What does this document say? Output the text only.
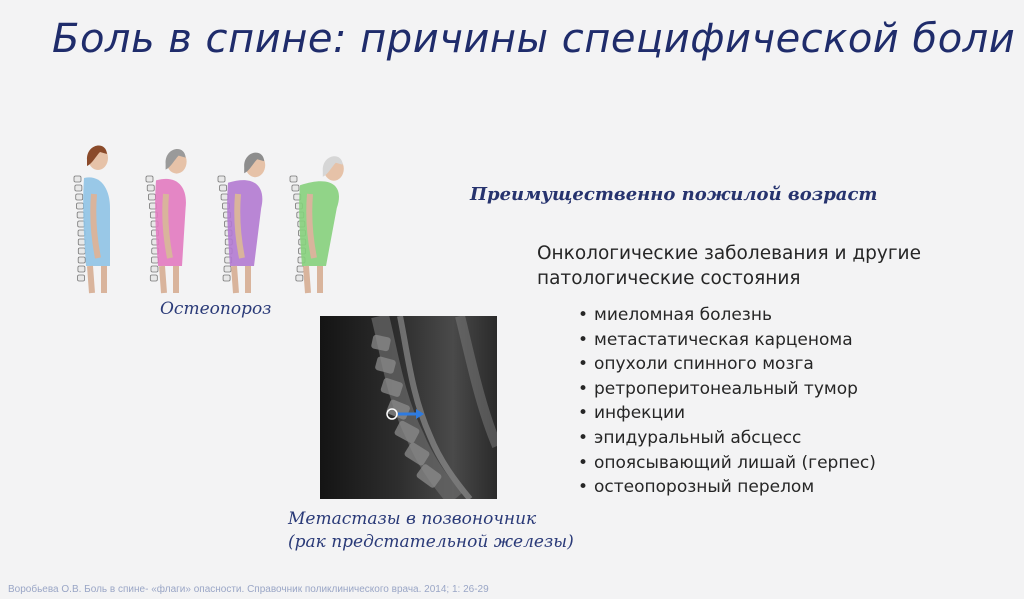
Боль в спине: причины специфической боли
Остеопороз
Преимущественно пожилой возраст
Онкологические заболевания и другие патологические состояния
• миеломная болезнь
• метастатическая карценома
• опухоли спинного мозга
• ретроперитонеальный тумор
• инфекции
• эпидуральный абсцесс
• опоясывающий лишай (герпес)
• остеопорозный перелом
Метастазы в позвоночник
(рак предстательной железы)
Воробьева О.В. Боль в спине- «флаги» опасности. Справочник поликлинического врача. 2014; 1: 26-29
